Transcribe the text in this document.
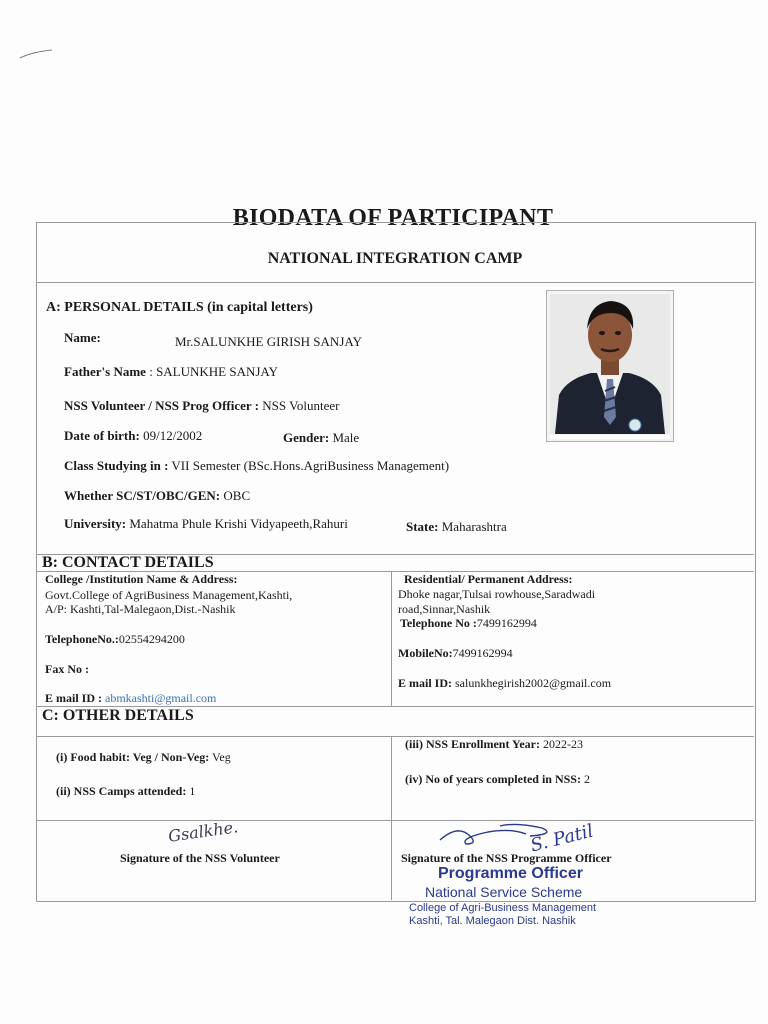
BIODATA OF PARTICIPANT
NATIONAL INTEGRATION CAMP
A: PERSONAL DETAILS (in capital letters)
Name:	Mr.SALUNKHE GIRISH SANJAY
Father's Name : SALUNKHE SANJAY
NSS Volunteer / NSS Prog Officer : NSS Volunteer
Date of birth: 09/12/2002	Gender: Male
Class Studying in : VII Semester (BSc.Hons.AgriBusiness Management)
Whether SC/ST/OBC/GEN: OBC
University: Mahatma Phule Krishi Vidyapeeth,Rahuri	State: Maharashtra
B: CONTACT DETAILS
College /Institution Name & Address:
Govt.College of AgriBusiness Management,Kashti,
A/P: Kashti,Tal-Malegaon,Dist.-Nashik
TelephoneNo.:02554294200
Fax No :
E mail ID : abmkashti@gmail.com
Residential/ Permanent Address:
Dhoke nagar,Tulsai rowhouse,Saradwadi
road,Sinnar,Nashik
Telephone No :7499162994
MobileNo:7499162994
E mail ID: salunkhegirish2002@gmail.com
C: OTHER DETAILS
(i) Food habit: Veg / Non-Veg: Veg
(ii) NSS Camps attended: 1
(iii) NSS Enrollment Year: 2022-23
(iv) No of years completed in NSS: 2
Gsalkhe.
Signature of the NSS Volunteer
S. Patil
Signature of the NSS Programme Officer
Programme Officer
National Service Scheme
College of Agri-Business Management
Kashti, Tal. Malegaon Dist. Nashik
